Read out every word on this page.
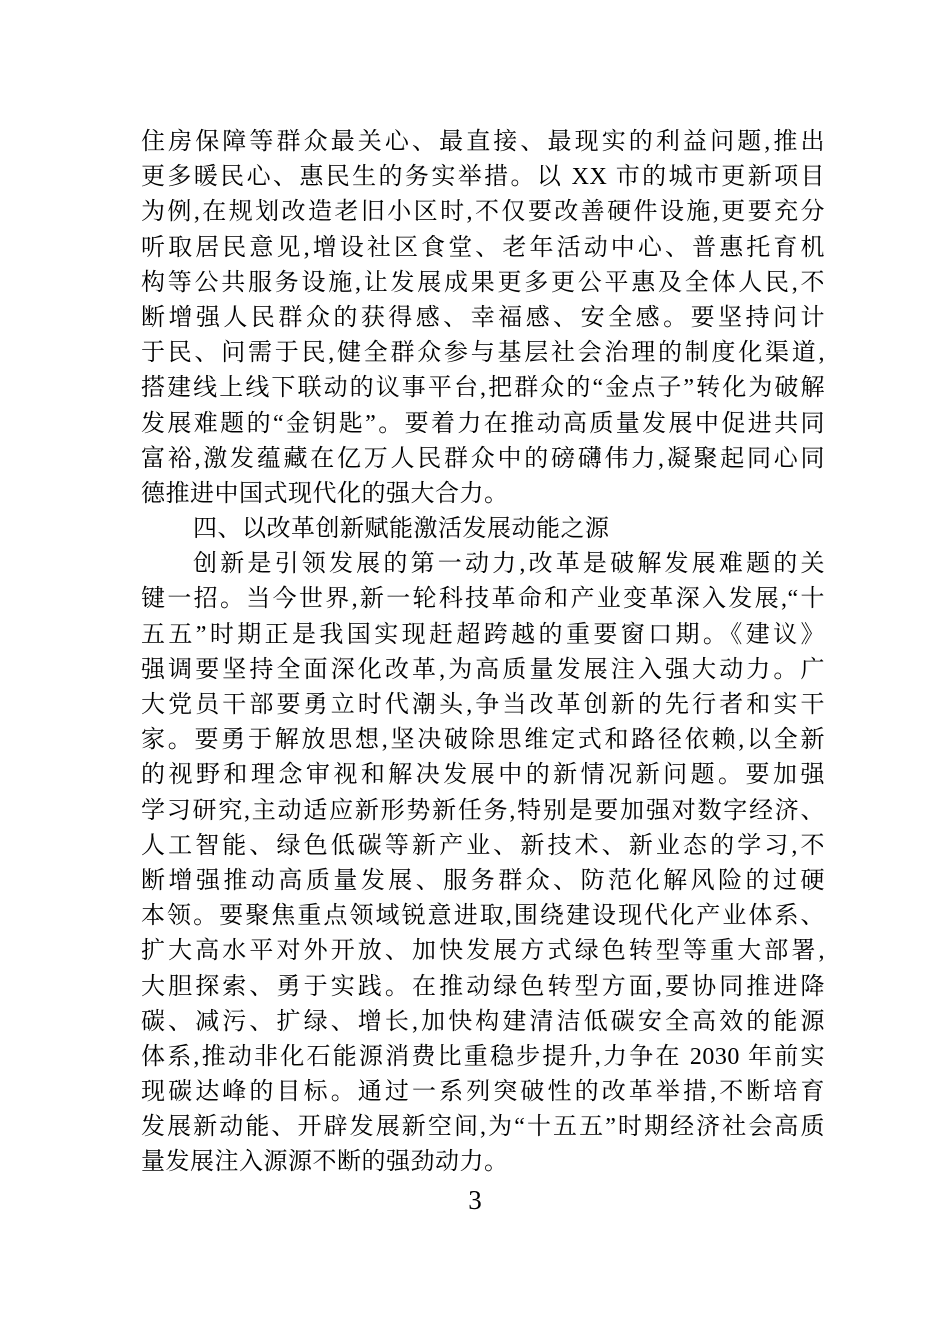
住房保障等群众最关心、最直接、最现实的利益问题,推出
更多暖民心、惠民生的务实举措。以 XX 市的城市更新项目
为例,在规划改造老旧小区时,不仅要改善硬件设施,更要充分
听取居民意见,增设社区食堂、老年活动中心、普惠托育机
构等公共服务设施,让发展成果更多更公平惠及全体人民,不
断增强人民群众的获得感、幸福感、安全感。要坚持问计
于民、问需于民,健全群众参与基层社会治理的制度化渠道,
搭建线上线下联动的议事平台,把群众的“金点子”转化为破解
发展难题的“金钥匙”。要着力在推动高质量发展中促进共同
富裕,激发蕴藏在亿万人民群众中的磅礴伟力,凝聚起同心同
德推进中国式现代化的强大合力。
四、以改革创新赋能激活发展动能之源
创新是引领发展的第一动力,改革是破解发展难题的关
键一招。当今世界,新一轮科技革命和产业变革深入发展,“十
五五”时期正是我国实现赶超跨越的重要窗口期。《建议》
强调要坚持全面深化改革,为高质量发展注入强大动力。广
大党员干部要勇立时代潮头,争当改革创新的先行者和实干
家。要勇于解放思想,坚决破除思维定式和路径依赖,以全新
的视野和理念审视和解决发展中的新情况新问题。要加强
学习研究,主动适应新形势新任务,特别是要加强对数字经济、
人工智能、绿色低碳等新产业、新技术、新业态的学习,不
断增强推动高质量发展、服务群众、防范化解风险的过硬
本领。要聚焦重点领域锐意进取,围绕建设现代化产业体系、
扩大高水平对外开放、加快发展方式绿色转型等重大部署,
大胆探索、勇于实践。在推动绿色转型方面,要协同推进降
碳、减污、扩绿、增长,加快构建清洁低碳安全高效的能源
体系,推动非化石能源消费比重稳步提升,力争在 2030 年前实
现碳达峰的目标。通过一系列突破性的改革举措,不断培育
发展新动能、开辟发展新空间,为“十五五”时期经济社会高质
量发展注入源源不断的强劲动力。
3
